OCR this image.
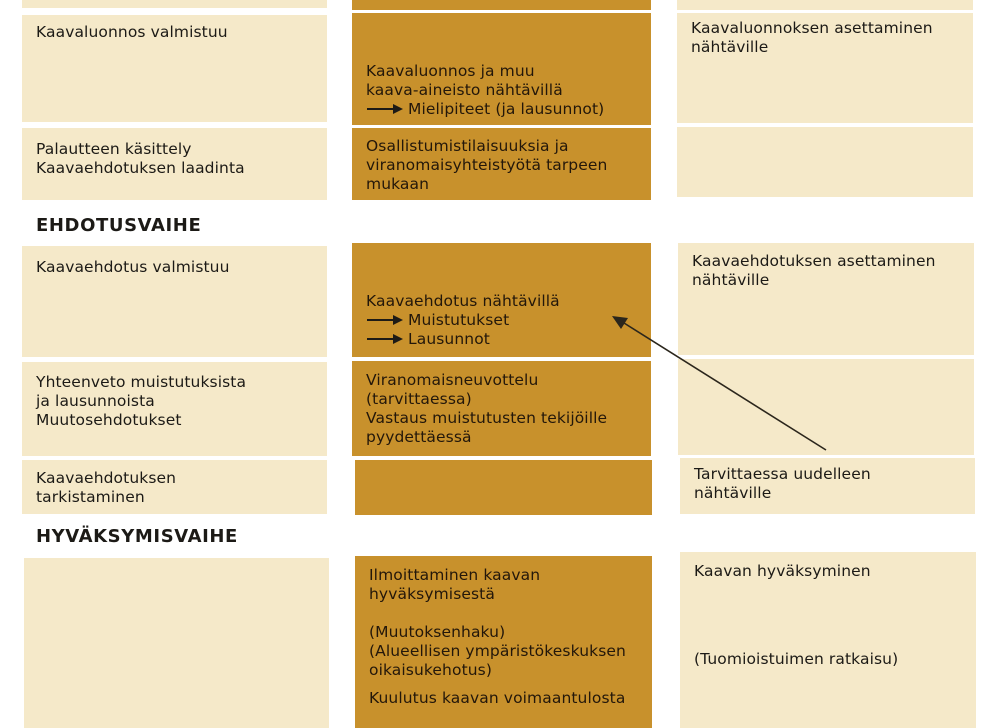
Kaavaluonnos valmistuu
Palautteen käsittely
Kaavaehdotuksen laadinta
Kaavaluonnos ja muu
kaava-aineisto nähtävillä
Mielipiteet (ja lausunnot)
Osallistumistilaisuuksia ja
viranomaisyhteistyötä tarpeen
mukaan
Kaavaluonnoksen asettaminen
nähtäville
EHDOTUSVAIHE
Kaavaehdotus valmistuu
Yhteenveto muistutuksista
ja lausunnoista
Muutosehdotukset
Kaavaehdotuksen
tarkistaminen
Kaavaehdotus nähtävillä
Muistutukset
Lausunnot
Viranomaisneuvottelu
(tarvittaessa)
Vastaus muistutusten tekijöille
pyydettäessä
Kaavaehdotuksen asettaminen
nähtäville
Tarvittaessa uudelleen
nähtäville
HYVÄKSYMISVAIHE
Ilmoittaminen kaavan
hyväksymisestä
(Muutoksenhaku)
(Alueellisen ympäristökeskuksen
oikaisukehotus)
Kuulutus kaavan voimaantulosta
Kaavan hyväksyminen
(Tuomioistuimen ratkaisu)
